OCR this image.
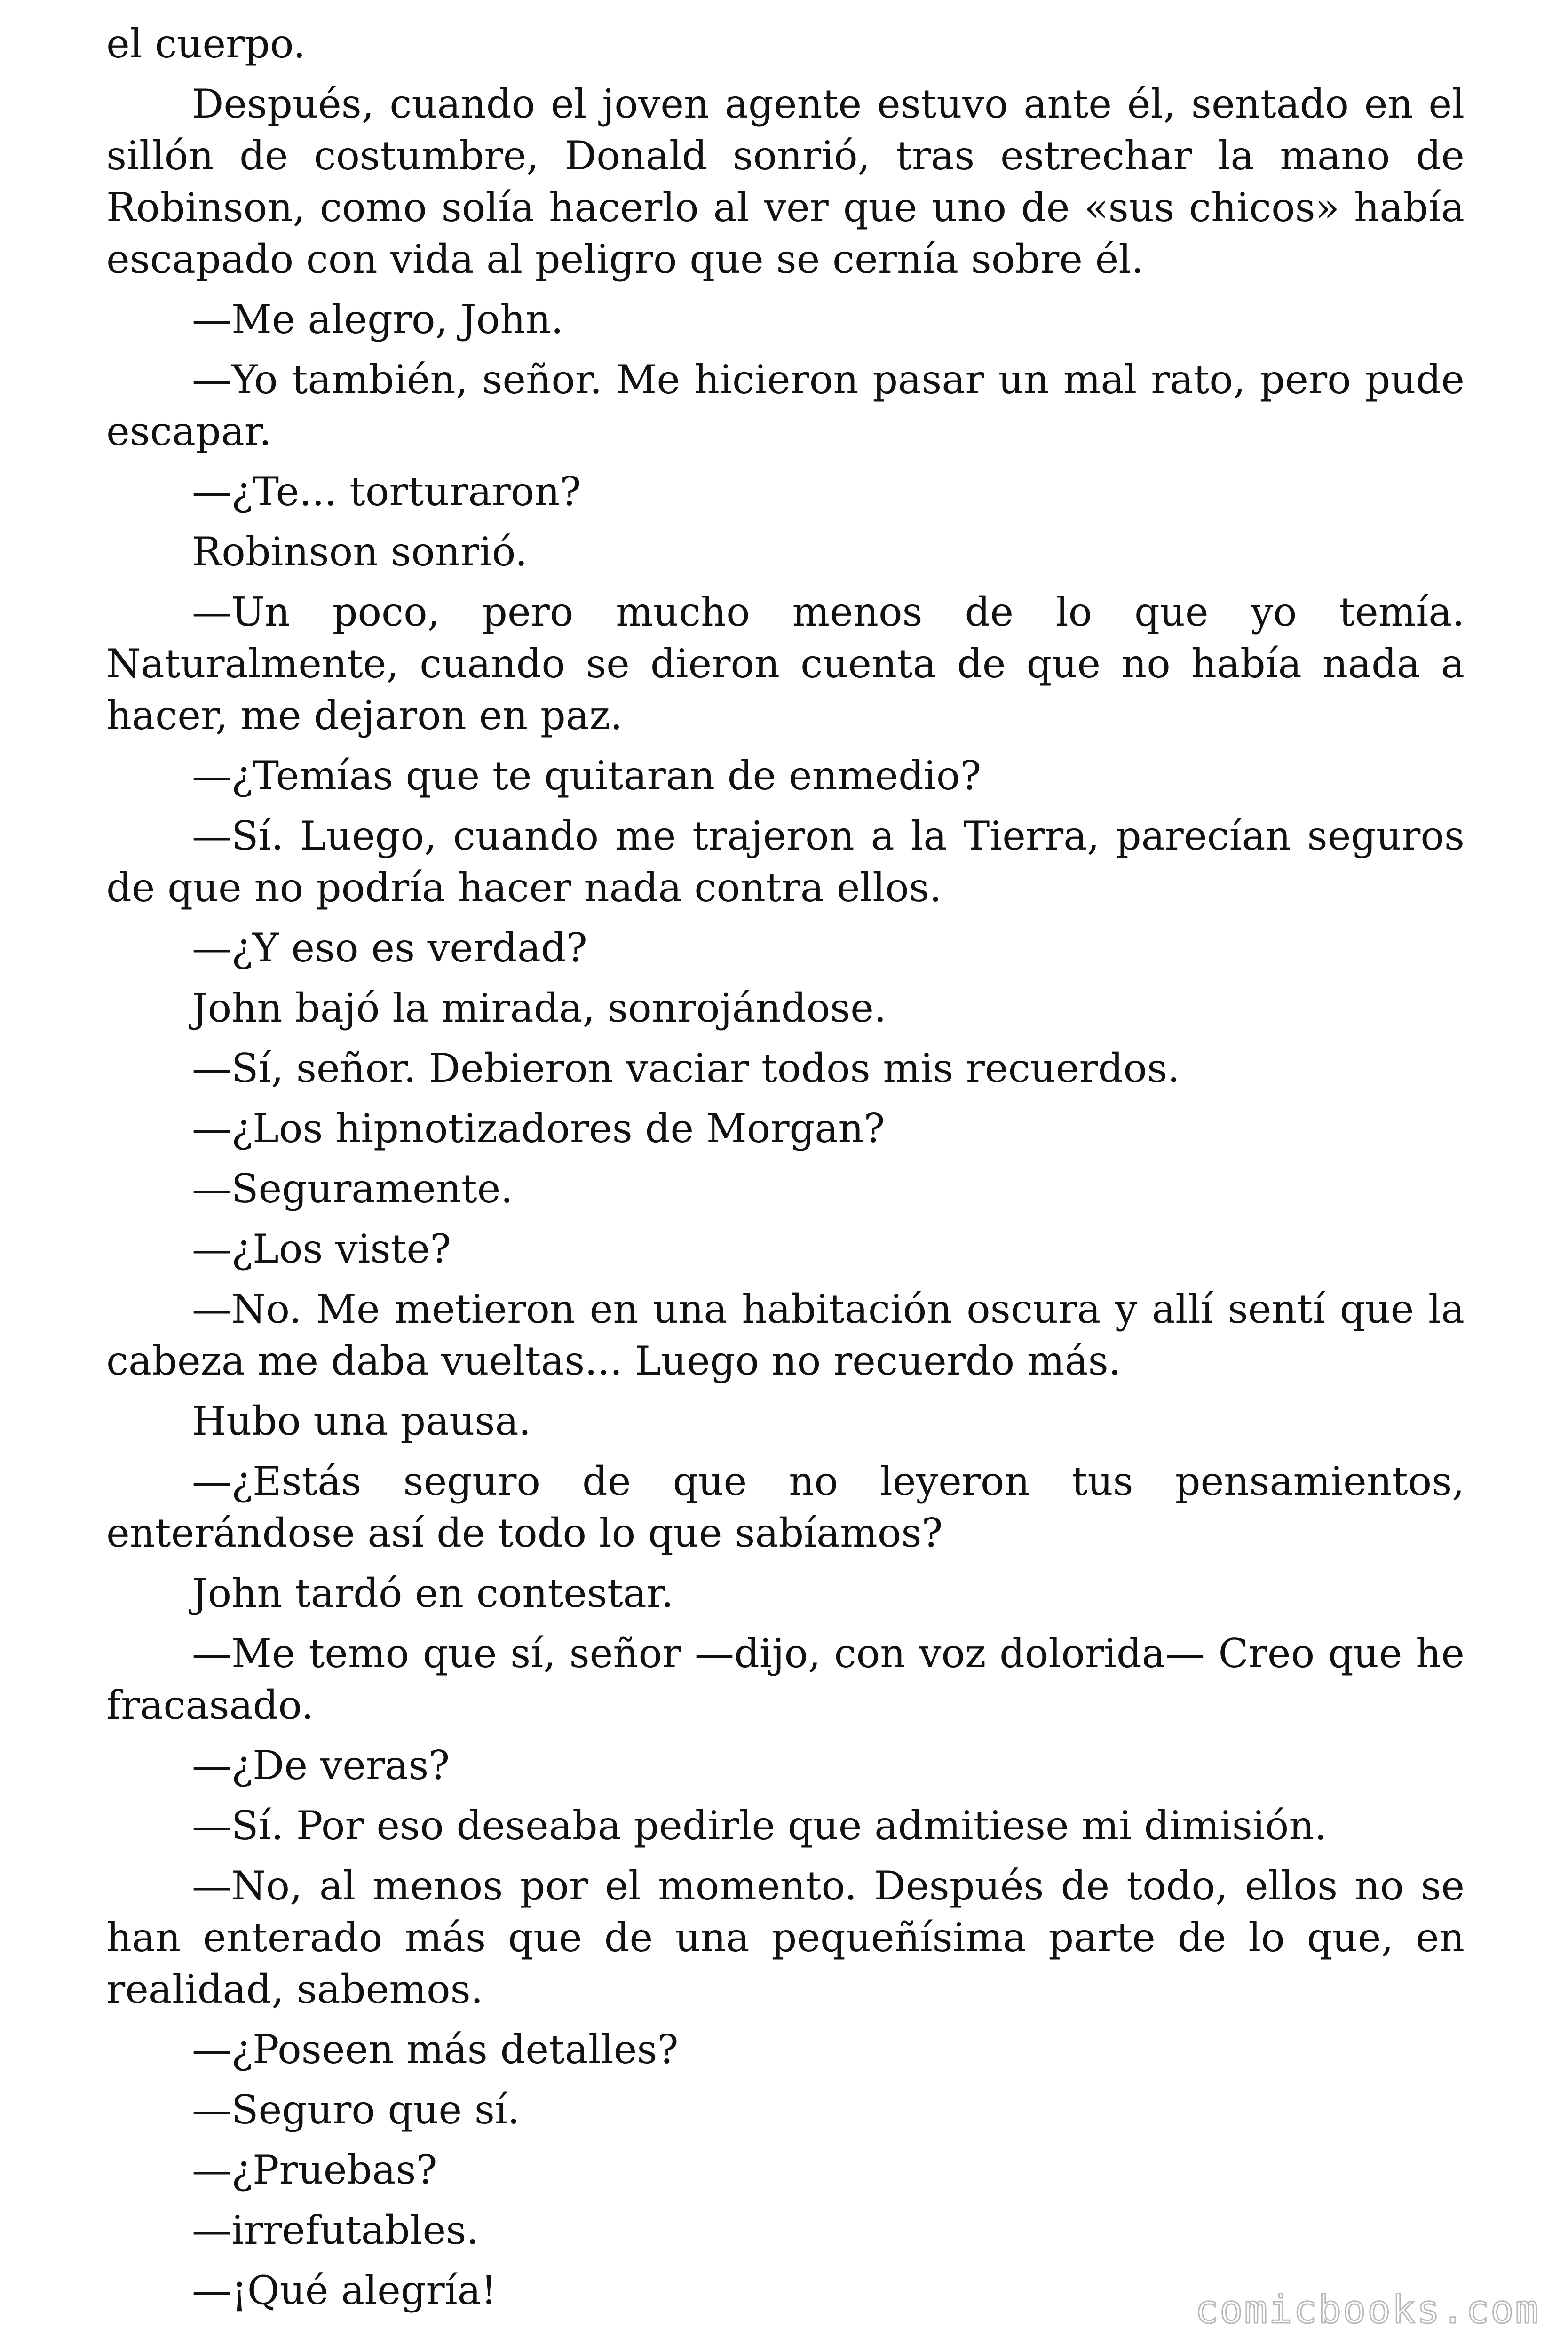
el cuerpo.

Después, cuando el joven agente estuvo ante él, sentado en el sillón de costumbre, Donald sonrió, tras estrechar la mano de Robinson, como solía hacerlo al ver que uno de «sus chicos» había escapado con vida al peligro que se cernía sobre él.

—Me alegro, John.

—Yo también, señor. Me hicieron pasar un mal rato, pero pude escapar.

—¿Te... torturaron?

Robinson sonrió.

—Un poco, pero mucho menos de lo que yo temía. Naturalmente, cuando se dieron cuenta de que no había nada a hacer, me dejaron en paz.

—¿Temías que te quitaran de enmedio?

—Sí. Luego, cuando me trajeron a la Tierra, parecían seguros de que no podría hacer nada contra ellos.

—¿Y eso es verdad?

John bajó la mirada, sonrojándose.

—Sí, señor. Debieron vaciar todos mis recuerdos.

—¿Los hipnotizadores de Morgan?

—Seguramente.

—¿Los viste?

—No. Me metieron en una habitación oscura y allí sentí que la cabeza me daba vueltas... Luego no recuerdo más.

Hubo una pausa.

—¿Estás seguro de que no leyeron tus pensamientos, enterándose así de todo lo que sabíamos?

John tardó en contestar.

—Me temo que sí, señor —dijo, con voz dolorida— Creo que he fracasado.

—¿De veras?

—Sí. Por eso deseaba pedirle que admitiese mi dimisión.

—No, al menos por el momento. Después de todo, ellos no se han enterado más que de una pequeñísima parte de lo que, en realidad, sabemos.

—¿Poseen más detalles?

—Seguro que sí.

—¿Pruebas?

—irrefutables.

—¡Qué alegría!	comicbooks.com
